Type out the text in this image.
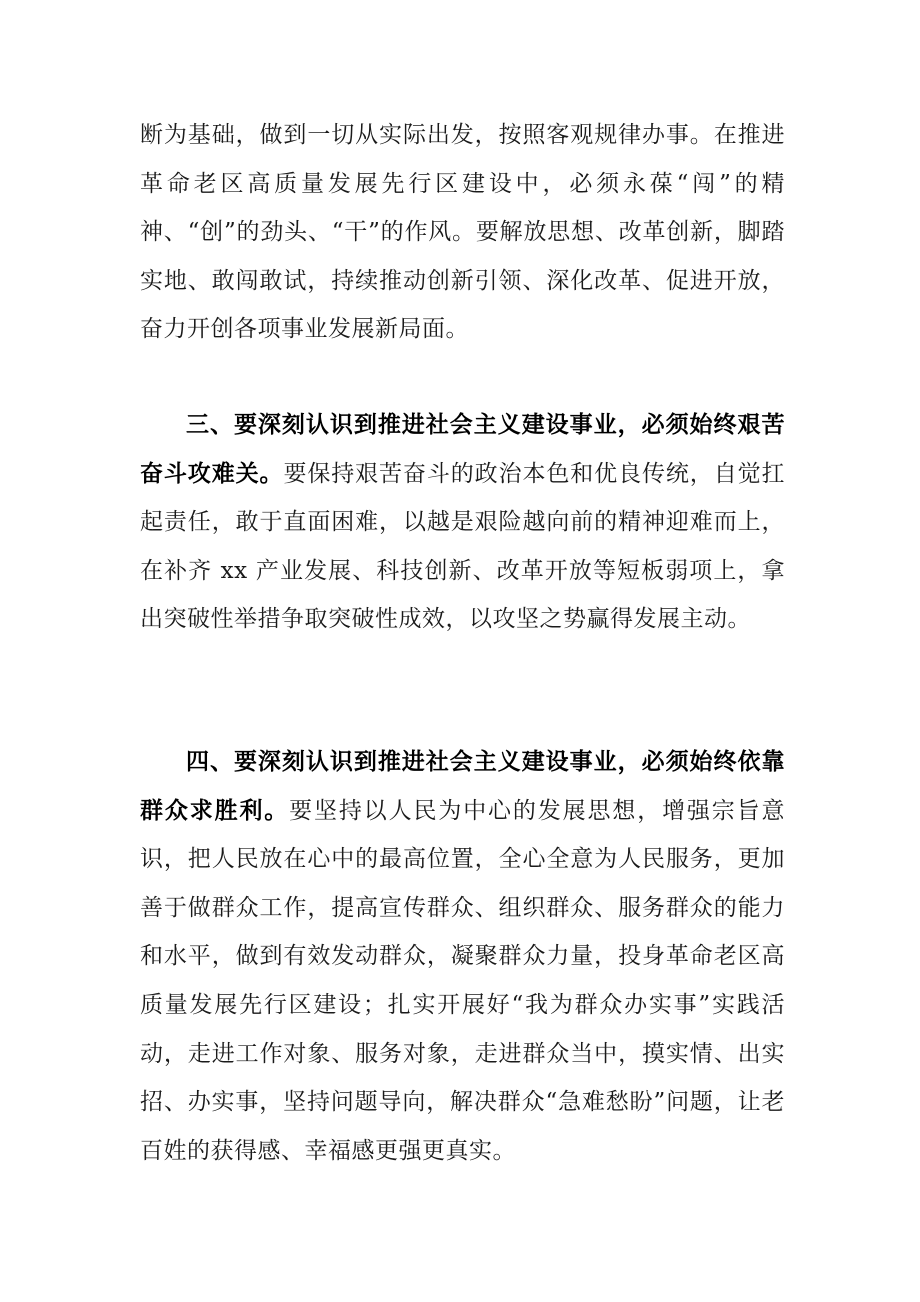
断为基础，做到一切从实际出发，按照客观规律办事。在推进革命老区高质量发展先行区建设中，必须永葆“闯”的精神、“创”的劲头、“干”的作风。要解放思想、改革创新，脚踏实地、敢闯敢试，持续推动创新引领、深化改革、促进开放，奋力开创各项事业发展新局面。

三、要深刻认识到推进社会主义建设事业，必须始终艰苦奋斗攻难关。要保持艰苦奋斗的政治本色和优良传统，自觉扛起责任，敢于直面困难，以越是艰险越向前的精神迎难而上，在补齐 xx 产业发展、科技创新、改革开放等短板弱项上，拿出突破性举措争取突破性成效，以攻坚之势赢得发展主动。

四、要深刻认识到推进社会主义建设事业，必须始终依靠群众求胜利。要坚持以人民为中心的发展思想，增强宗旨意识，把人民放在心中的最高位置，全心全意为人民服务，更加善于做群众工作，提高宣传群众、组织群众、服务群众的能力和水平，做到有效发动群众，凝聚群众力量，投身革命老区高质量发展先行区建设；扎实开展好“我为群众办实事”实践活动，走进工作对象、服务对象，走进群众当中，摸实情、出实招、办实事，坚持问题导向，解决群众“急难愁盼”问题，让老百姓的获得感、幸福感更强更真实。
